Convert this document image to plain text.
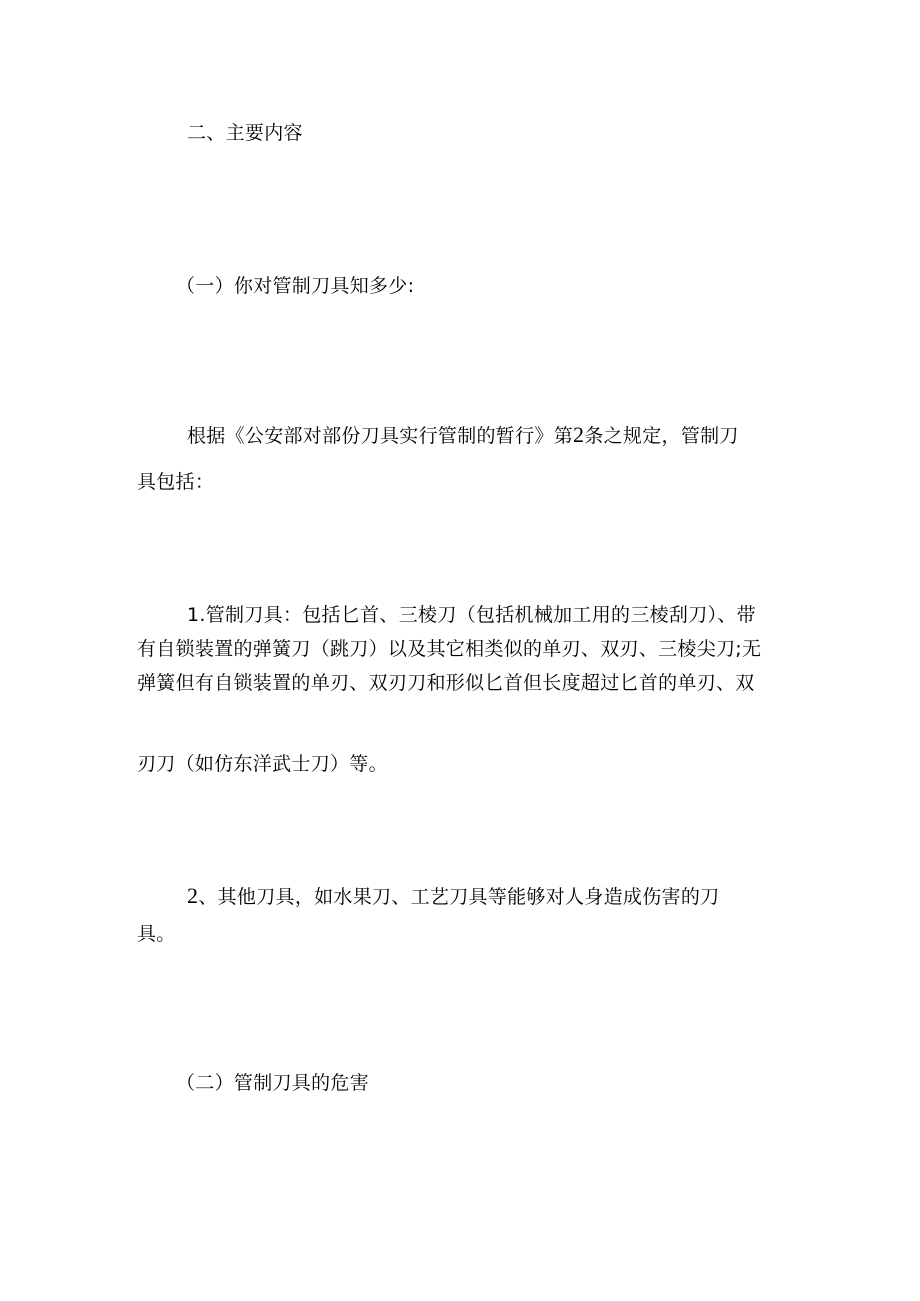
二、主要内容
（一）你对管制刀具知多少:
根据《公安部对部份刀具实行管制的暂行》第2条之规定，管制刀
具包括：
1.管制刀具：包括匕首、三棱刀（包括机械加工用的三棱刮刀）、带
有自锁装置的弹簧刀（跳刀）以及其它相类似的单刃、双刃、三棱尖刀;无
弹簧但有自锁装置的单刃、双刃刀和形似匕首但长度超过匕首的单刃、双
刃刀（如仿东洋武士刀）等。
2、其他刀具，如水果刀、工艺刀具等能够对人身造成伤害的刀
具。
（二）管制刀具的危害
